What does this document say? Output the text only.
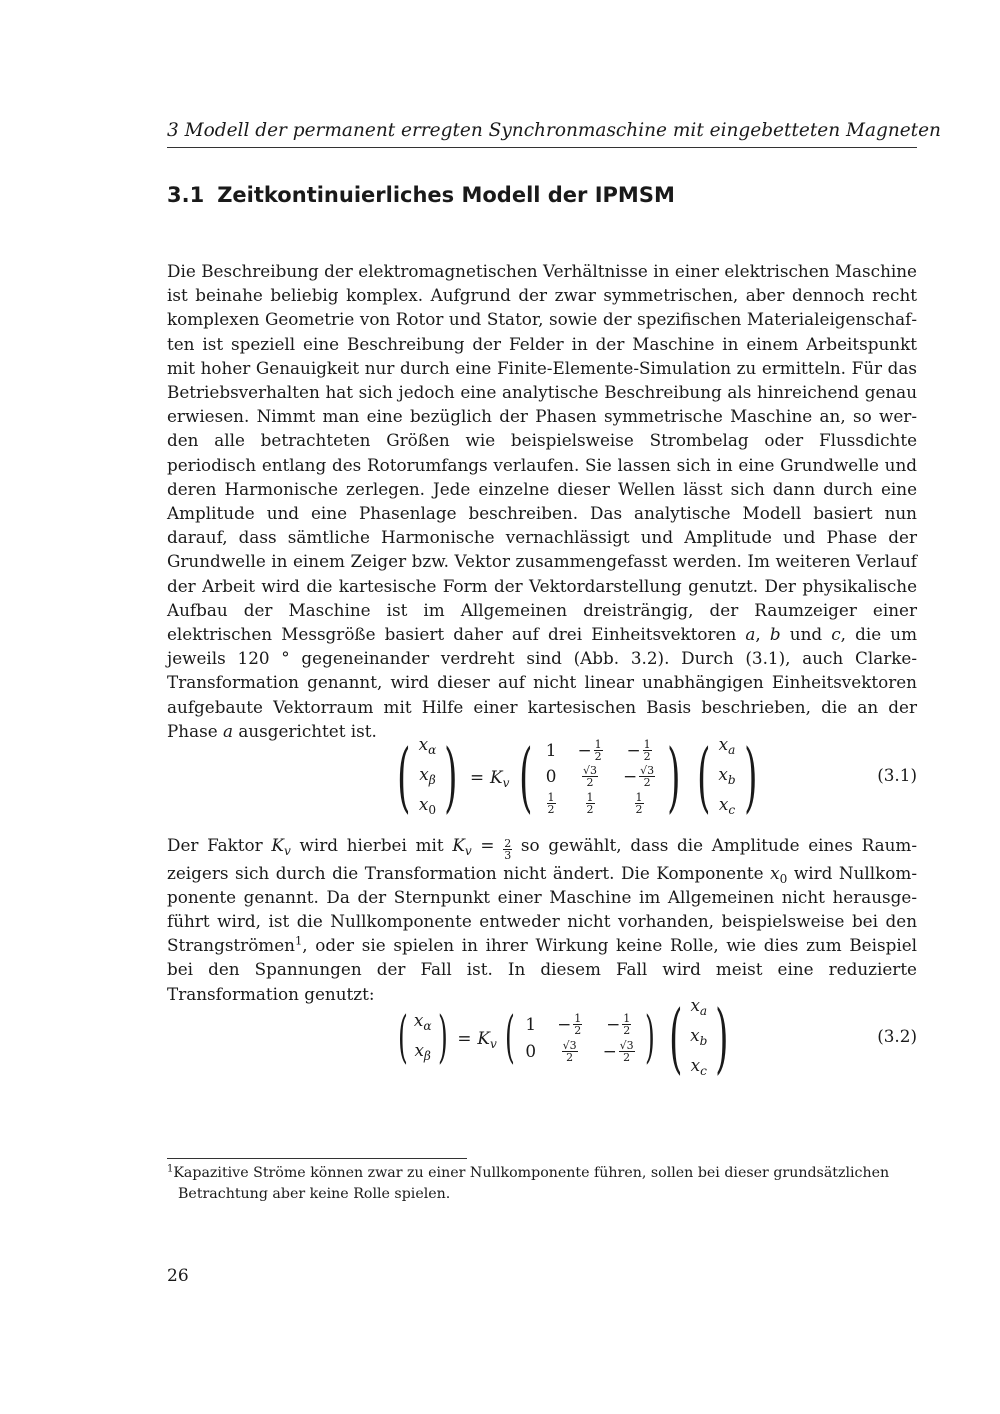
3 Modell der permanent erregten Synchronmaschine mit eingebetteten Magneten
3.1 Zeitkontinuierliches Modell der IPMSM
Die Beschreibung der elektromagnetischen Verhältnisse in einer elektrischen Maschine ist beinahe beliebig komplex. Aufgrund der zwar symmetrischen, aber dennoch recht komplexen Geometrie von Rotor und Stator, sowie der spezifischen Materialeigenschaften ist speziell eine Beschreibung der Felder in der Maschine in einem Arbeitspunkt mit hoher Genauigkeit nur durch eine Finite-Elemente-Simulation zu ermitteln. Für das Betriebsverhalten hat sich jedoch eine analytische Beschreibung als hinreichend genau erwiesen. Nimmt man eine bezüglich der Phasen symmetrische Maschine an, so werden alle betrachteten Größen wie beispielsweise Strombelag oder Flussdichte periodisch entlang des Rotorumfangs verlaufen. Sie lassen sich in eine Grundwelle und deren Harmonische zerlegen. Jede einzelne dieser Wellen lässt sich dann durch eine Amplitude und eine Phasenlage beschreiben. Das analytische Modell basiert nun darauf, dass sämtliche Harmonische vernachlässigt und Amplitude und Phase der Grundwelle in einem Zeiger bzw. Vektor zusammengefasst werden. Im weiteren Verlauf der Arbeit wird die kartesische Form der Vektordarstellung genutzt. Der physikalische Aufbau der Maschine ist im Allgemeinen dreisträngig, der Raumzeiger einer elektrischen Messgröße basiert daher auf drei Einheitsvektoren a, b und c, die um jeweils 120 ° gegeneinander verdreht sind (Abb. 3.2). Durch (3.1), auch Clarke-Transformation genannt, wird dieser auf nicht linear unabhängigen Einheitsvektoren aufgebaute Vektorraum mit Hilfe einer kartesischen Basis beschrieben, die an der Phase a ausgerichtet ist.
( $x_\alpha$
$x_\beta$
$x_0$ ) = $K_v$ ( $1 - \frac{1}{2} - \frac{1}{2}$
0 √3
$2 - \frac{√3}{2}$
1
2
1
2
1
2 ) ( $x_a$
$x_b$
$x_c$ )	(3.1)
Der Faktor $K_v$ wird hierbei mit $K_v = \frac{2}{3}$ so gewählt, dass die Amplitude eines Raumzeigers sich durch die Transformation nicht ändert. Die Komponente $x_0$ wird Nullkomponente genannt. Da der Sternpunkt einer Maschine im Allgemeinen nicht herausgeführt wird, ist die Nullkomponente entweder nicht vorhanden, beispielsweise bei den Strangströmen$^1$, oder sie spielen in ihrer Wirkung keine Rolle, wie dies zum Beispiel bei den Spannungen der Fall ist. In diesem Fall wird meist eine reduzierte Transformation genutzt:
( $x_\alpha$
$x_\beta$ ) = $K_v$ ( $1 - \frac{1}{2} - \frac{1}{2}$
0 √3
$2 - \frac{√3}{2}$ ) ( $x_a$
$x_b$
$x_c$ )	(3.2)
$^1$Kapazitive Ströme können zwar zu einer Nullkomponente führen, sollen bei dieser grundsätzlichen
Betrachtung aber keine Rolle spielen.
26
